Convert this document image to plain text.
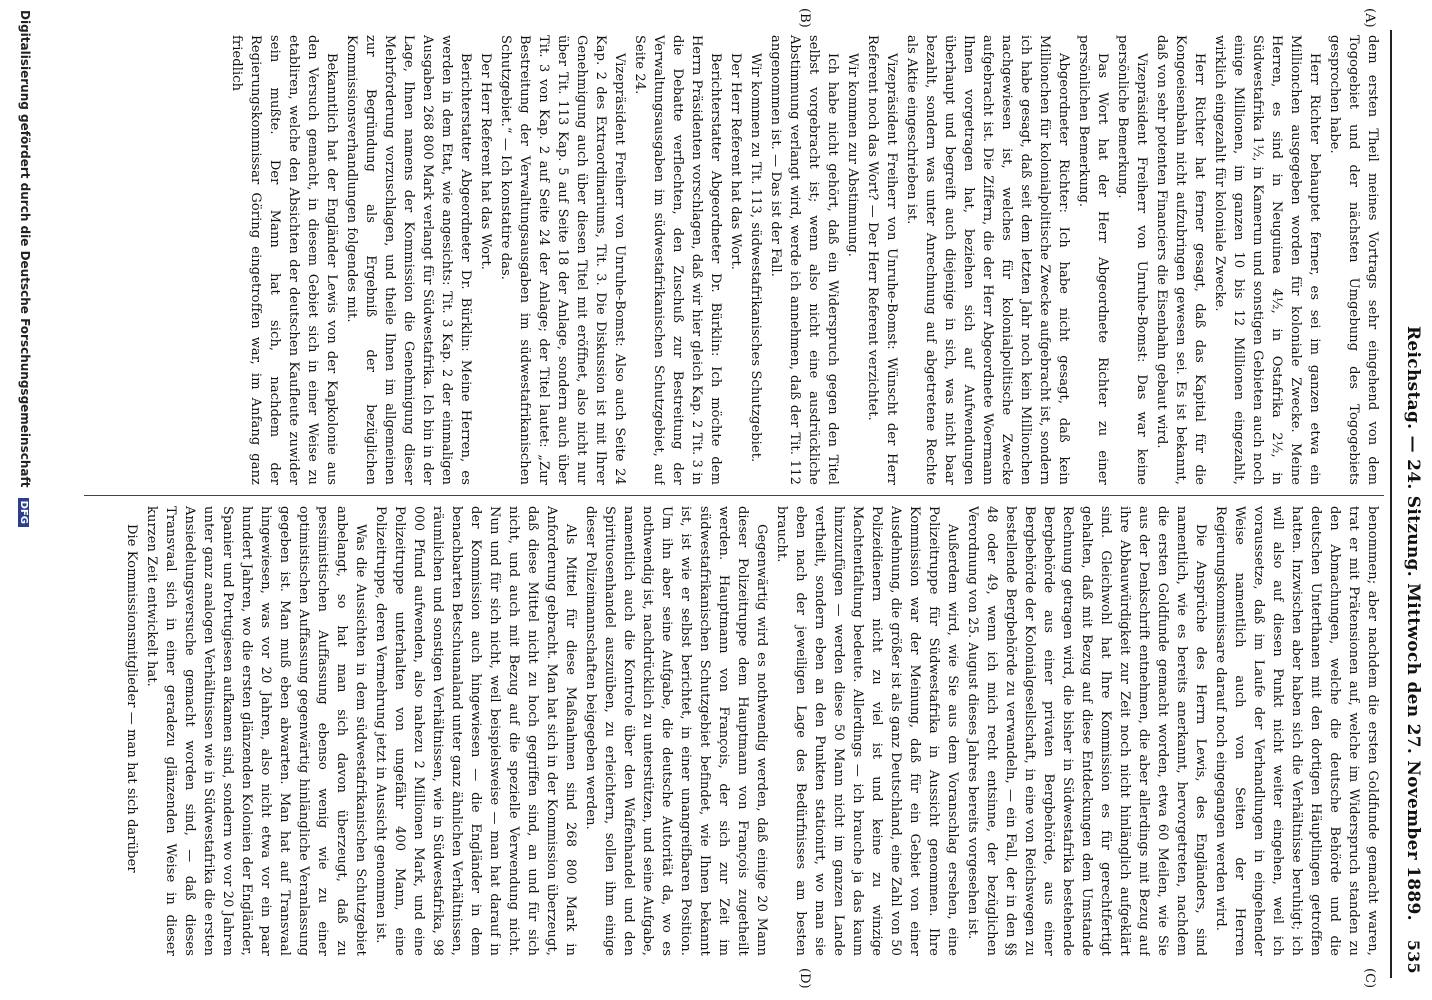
Reichstag. — 24. Sitzung. Mittwoch den 27. November 1889.
535
(A)
(B)
(C)
(D)

dem ersten Theil meines Vortrags sehr eingehend von dem Togogebiet und der nächsten Umgebung des Togogebiets gesprochen habe.

Herr Richter behauptet ferner, es sei im ganzen etwa ein Millionchen ausgegeben worden für koloniale Zwecke. Meine Herren, es sind in Neuguinea 4½, in Ostafrika 2½, in Südwestafrika 1½, in Kamerun und sonstigen Gebieten auch noch einige Millionen, im ganzen 10 bis 12 Millionen eingezahlt, wirklich eingezahlt für koloniale Zwecke.

Herr Richter hat ferner gesagt, daß das Kapital für die Kongoeisenbahn nicht aufzubringen gewesen sei. Es ist bekannt, daß von sehr potenten Financiers die Eisenbahn gebaut wird.

Vizepräsident Freiherr von Unruhe-Bomst: Das war keine persönliche Bemerkung.

Das Wort hat der Herr Abgeordnete Richter zu einer persönlichen Bemerkung.

Abgeordneter Richter: Ich habe nicht gesagt, daß kein Millionchen für kolonialpolitische Zwecke aufgebracht ist, sondern ich habe gesagt, daß seit dem letzten Jahr noch kein Millionchen nachgewiesen ist, welches für kolonialpolitische Zwecke aufgebracht ist. Die Ziffern, die der Herr Abgeordnete Woermann Ihnen vorgetragen hat, beziehen sich auf Aufwendungen überhaupt und begreift auch diejenige in sich, was nicht baar bezahlt, sondern was unter Anrechnung auf abgetretene Rechte als Aktie eingeschrieben ist.

Vizepräsident Freiherr von Unruhe-Bomst: Wünscht der Herr Referent noch das Wort? — Der Herr Referent verzichtet.

Wir kommen zur Abstimmung.

Ich habe nicht gehört, daß ein Widerspruch gegen den Titel selbst vorgebracht ist; wenn also nicht eine ausdrückliche Abstimmung verlangt wird, werde ich annehmen, daß der Tit. 112 angenommen ist. — Das ist der Fall.

Wir kommen zu Tit. 113, südwestafrikanisches Schutzgebiet.

Der Herr Referent hat das Wort.

Berichterstatter Abgeordneter Dr. Bürklin: Ich möchte dem Herrn Präsidenten vorschlagen, daß wir hier gleich Kap. 2 Tit. 3 in die Debatte verflechten, den Zuschuß zur Bestreitung der Verwaltungsausgaben im südwestafrikanischen Schutzgebiet, auf Seite 24.

Vizepräsident Freiherr von Unruhe-Bomst: Also auch Seite 24 Kap. 2 des Extraordinariums, Tit. 3. Die Diskussion ist mit Ihrer Genehmigung auch über diesen Titel mit eröffnet, also nicht nur über Tit. 113 Kap. 5 auf Seite 18 der Anlage, sondern auch über Tit. 3 von Kap. 2 auf Seite 24 der Anlage; der Titel lautet: „Zur Bestreitung der Verwaltungsausgaben im südwestafrikanischen Schutzgebiet.“ — Ich konstatire das.

Der Herr Referent hat das Wort.

Berichterstatter Abgeordneter Dr. Bürklin: Meine Herren, es werden in dem Etat, wie angesichts: Tit. 3 Kap. 2 der einmaligen Ausgaben 268 800 Mark verlangt für Südwestafrika. Ich bin in der Lage, Ihnen namens der Kommission die Genehmigung dieser Mehrforderung vorzuschlagen, und theile Ihnen im allgemeinen zur Begründung als Ergebniß der bezüglichen Kommissionsverhandlungen folgendes mit.

Bekanntlich hat der Engländer Lewis von der Kapkolonie aus den Versuch gemacht, in diesem Gebiet sich in einer Weise zu etabliren, welche den Absichten der deutschen Kaufleute zuwider sein mußte. Der Mann hat sich, nachdem der Regierungskommissar Göring eingetroffen war, im Anfang ganz friedlich

benommen; aber nachdem die ersten Goldfunde gemacht waren, trat er mit Prätensionen auf, welche im Widerspruch standen zu den Abmachungen, welche die deutsche Behörde und die deutschen Unterthanen mit den dortigen Häuptlingen getroffen hatten. Inzwischen aber haben sich die Verhältnisse beruhigt; ich will also auf diesen Punkt nicht weiter eingehen, weil ich voraussetze, daß im Laufe der Verhandlungen in eingehender Weise namentlich auch von Seiten der Herren Regierungskommissare darauf noch eingegangen werden wird.

Die Ansprüche des Herrn Lewis, des Engländers, sind namentlich, wie es bereits anerkannt, hervorgetreten, nachdem die ersten Goldfunde gemacht worden, etwa 60 Meilen, wie Sie aus der Denkschrift entnehmen, die aber allerdings mit Bezug auf ihre Abbauwürdigkeit zur Zeit noch nicht hinlänglich aufgeklärt sind. Gleichwohl hat Ihre Kommission es für gerechtfertigt gehalten, daß mit Bezug auf diese Entdeckungen dem Umstande Rechnung getragen wird, die bisher in Südwestafrika bestehende Bergbehörde aus einer privaten Bergbehörde, aus einer Bergbehörde der Kolonialgesellschaft, in eine von Reichswegen zu bestellende Bergbehörde zu verwandeln, — ein Fall, der in den §§ 48 oder 49, wenn ich mich recht entsinne, der bezüglichen Verordnung von 25. August dieses Jahres bereits vorgesehen ist.

Außerdem wird, wie Sie aus dem Voranschlag ersehen, eine Polizeitruppe für Südwestafrika in Aussicht genommen. Ihre Kommission war der Meinung, daß für ein Gebiet von einer Ausdehnung, die größer ist als ganz Deutschland, eine Zahl von 50 Polizeidienern nicht zu viel ist und keine zu winzige Machtentfaltung bedeute. Allerdings — ich brauche ja das kaum hinzuzufügen — werden diese 50 Mann nicht im ganzen Lande vertheilt, sondern eben an den Punkten stationirt, wo man sie eben nach der jeweiligen Lage des Bedürfnisses am besten braucht.

Gegenwärtig wird es nothwendig werden, daß einige 20 Mann dieser Polizeitruppe dem Hauptmann von François zugetheilt werden. Hauptmann von François, der sich zur Zeit im südwestafrikanischen Schutzgebiet befindet, wie Ihnen bekannt ist, ist wie er selbst berichtet, in einer unangreifbaren Position. Um ihn aber seine Aufgabe, die deutsche Autorität da, wo es nothwendig ist, nachdrücklich zu unterstützen, und seine Aufgabe, namentlich auch die Kontrole über den Waffenhandel und den Spirituosenhandel auszuüben, zu erleichtern, sollen ihm einige dieser Polizeimannschaften beigegeben werden.

Als Mittel für diese Maßnahmen sind 268 800 Mark in Anforderung gebracht. Man hat sich in der Kommission überzeugt, daß diese Mittel nicht zu hoch gegriffen sind, an und für sich nicht, und auch mit Bezug auf die spezielle Verwendung nicht. Nun und für sich nicht, weil beispielsweise — man hat darauf in der Kommission auch hingewiesen — die Engländer in dem benachbarten Betschuanaland unter ganz ähnlichen Verhältnissen, räumlichen und sonstigen Verhältnissen, wie in Südwestafrika, 98 000 Pfund aufwenden, also nahezu 2 Millionen Mark, und eine Polizeitruppe unterhalten von ungefähr 400 Mann, eine Polizeitruppe, deren Vermehrung jetzt in Aussicht genommen ist.

Was die Aussichten in dem südwestafrikanischen Schutzgebiet anbelangt, so hat man sich davon überzeugt, daß zu pessimistischen Auffassung ebenso wenig wie zu einer optimistischen Auffassung gegenwärtig hinlängliche Veranlassung gegeben ist. Man muß eben abwarten. Man hat auf Transvaal hingewiesen, was vor 20 Jahren, also nicht etwa vor ein paar hundert Jahren, wo die ersten glänzenden Kolonien der Engländer, Spanier und Portugiesen aufkamen sind, sondern wo vor 20 Jahren unter ganz analogen Verhältnissen wie in Südwestafrika die ersten Ansiedelungsversuche gemacht worden sind, — daß dieses Transvaal sich in einer geradezu glänzenden Weise in dieser kurzen Zeit entwickelt hat.

Die Kommissionsmitglieder — man hat sich darüber

Digitalisierung gefördert durch die Deutsche Forschungsgemeinschaft DFG
